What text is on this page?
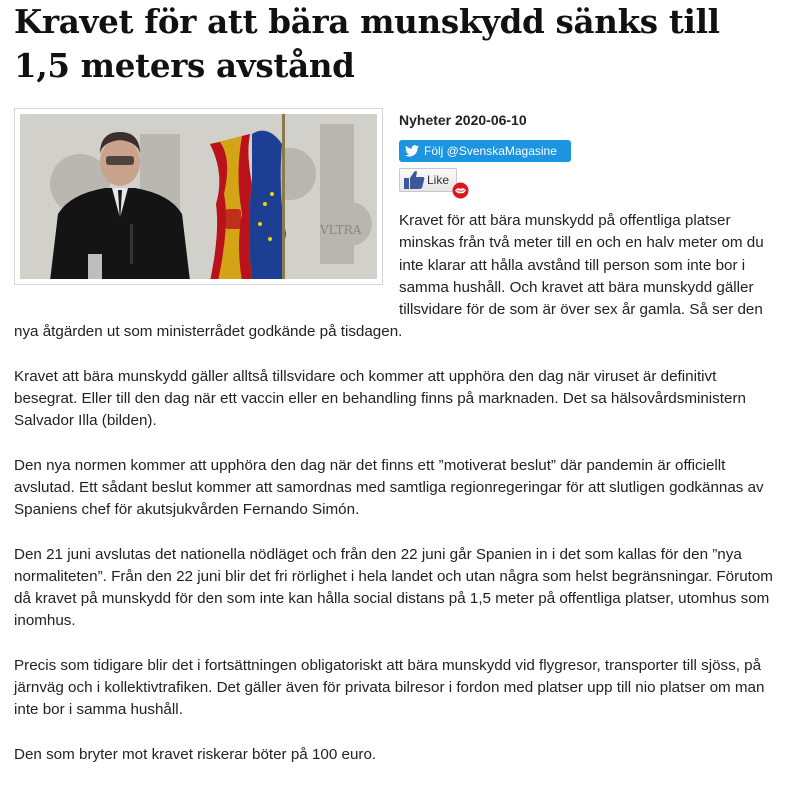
Kravet för att bära munskydd sänks till 1,5 meters avstånd
VLTRA
Nyheter 2020-06-10
Följ @SvenskaMagasine
Like

Kravet för att bära munskydd på offentliga platser minskas från två meter till en och en halv meter om du inte klarar att hålla avstånd till person som inte bor i samma hushåll. Och kravet att bära munskydd gäller tillsvidare för de som är över sex år gamla. Så ser den nya åtgärden ut som ministerrådet godkände på tisdagen.

Kravet att bära munskydd gäller alltså tillsvidare och kommer att upphöra den dag när viruset är definitivt besegrat. Eller till den dag när ett vaccin eller en behandling finns på marknaden. Det sa hälsovårdsministern Salvador Illa (bilden).

Den nya normen kommer att upphöra den dag när det finns ett ”motiverat beslut” där pandemin är officiellt avslutad. Ett sådant beslut kommer att samordnas med samtliga regionregeringar för att slutligen godkännas av Spaniens chef för akutsjukvården Fernando Simón.

Den 21 juni avslutas det nationella nödläget och från den 22 juni går Spanien in i det som kallas för den ”nya normaliteten”. Från den 22 juni blir det fri rörlighet i hela landet och utan några som helst begränsningar. Förutom då kravet på munskydd för den som inte kan hålla social distans på 1,5 meter på offentliga platser, utomhus som inomhus.

Precis som tidigare blir det i fortsättningen obligatoriskt att bära munskydd vid flygresor, transporter till sjöss, på järnväg och i kollektivtrafiken. Det gäller även för privata bilresor i fordon med platser upp till nio platser om man inte bor i samma hushåll.

Den som bryter mot kravet riskerar böter på 100 euro.
